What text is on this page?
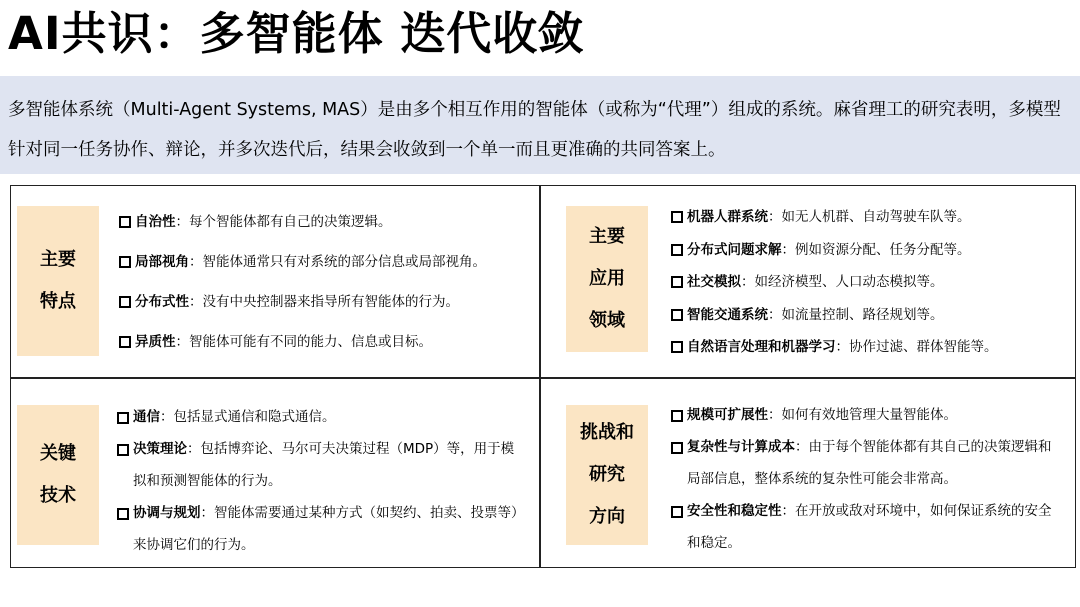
AI共识：多智能体 迭代收敛
多智能体系统（Multi-Agent Systems, MAS）是由多个相互作用的智能体（或称为“代理”）组成的系统。麻省理工的研究表明，多模型针对同一任务协作、辩论，并多次迭代后，结果会收敛到一个单一而且更准确的共同答案上。
主要
特点
自治性：每个智能体都有自己的决策逻辑。
局部视角：智能体通常只有对系统的部分信息或局部视角。
分布式性：没有中央控制器来指导所有智能体的行为。
异质性：智能体可能有不同的能力、信息或目标。
主要
应用
领域
机器人群系统：如无人机群、自动驾驶车队等。
分布式问题求解：例如资源分配、任务分配等。
社交模拟：如经济模型、人口动态模拟等。
智能交通系统：如流量控制、路径规划等。
自然语言处理和机器学习：协作过滤、群体智能等。
关键
技术
通信：包括显式通信和隐式通信。
决策理论：包括博弈论、马尔可夫决策过程（MDP）等，用于模拟和预测智能体的行为。
协调与规划：智能体需要通过某种方式（如契约、拍卖、投票等）来协调它们的行为。
挑战和
研究
方向
规模可扩展性：如何有效地管理大量智能体。
复杂性与计算成本：由于每个智能体都有其自己的决策逻辑和局部信息，整体系统的复杂性可能会非常高。
安全性和稳定性：在开放或敌对环境中，如何保证系统的安全和稳定。
